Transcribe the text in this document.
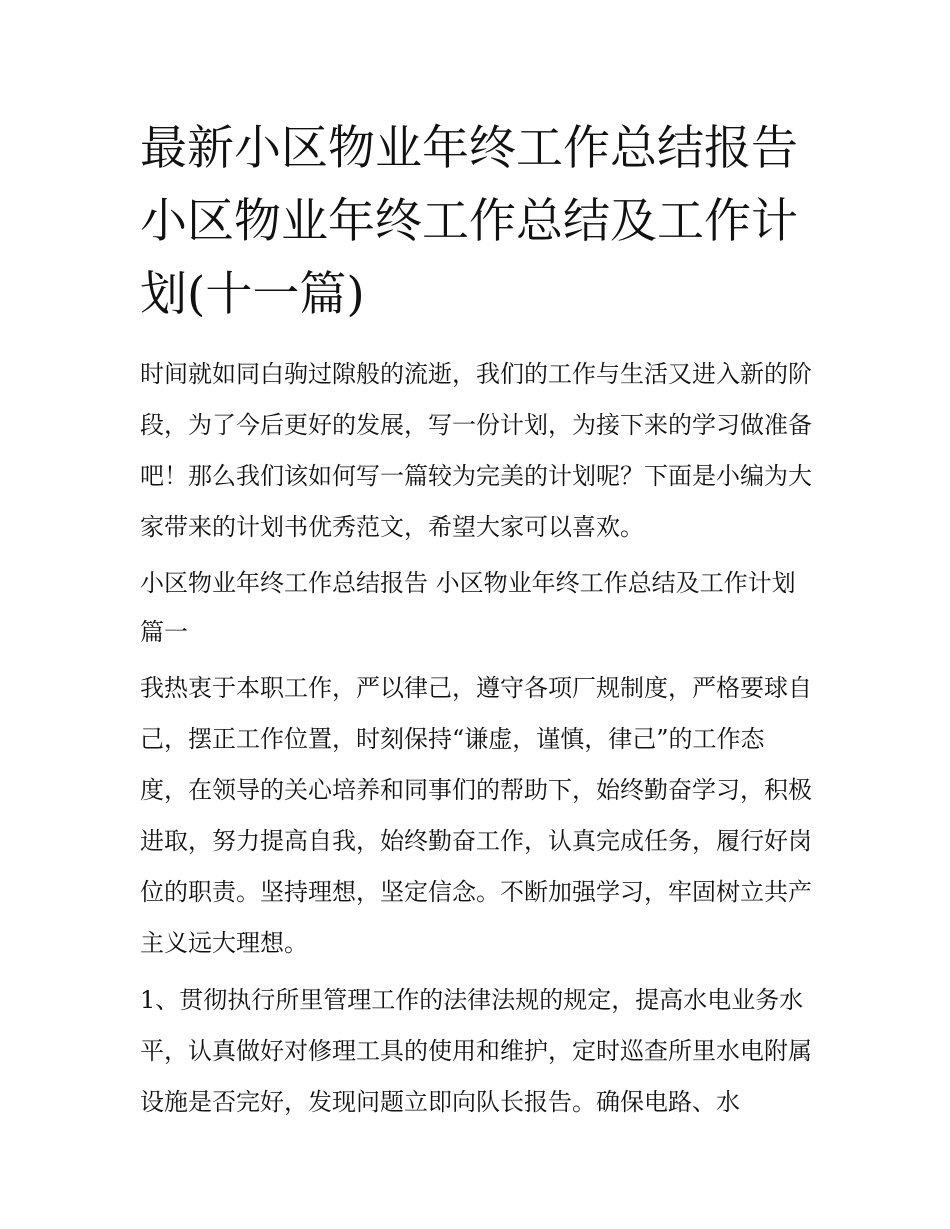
最新小区物业年终工作总结报告 小区物业年终工作总结及工作计划(十一篇)

时间就如同白驹过隙般的流逝，我们的工作与生活又进入新的阶段，为了今后更好的发展，写一份计划，为接下来的学习做准备吧！那么我们该如何写一篇较为完美的计划呢？下面是小编为大家带来的计划书优秀范文，希望大家可以喜欢。

小区物业年终工作总结报告 小区物业年终工作总结及工作计划篇一

我热衷于本职工作，严以律己，遵守各项厂规制度，严格要球自己，摆正工作位置，时刻保持“谦虚，谨慎，律己”的工作态度，在领导的关心培养和同事们的帮助下，始终勤奋学习，积极进取，努力提高自我，始终勤奋工作，认真完成任务，履行好岗位的职责。坚持理想，坚定信念。不断加强学习，牢固树立共产主义远大理想。

1、贯彻执行所里管理工作的法律法规的规定，提高水电业务水平，认真做好对修理工具的使用和维护，定时巡查所里水电附属设施是否完好，发现问题立即向队长报告。确保电路、水
